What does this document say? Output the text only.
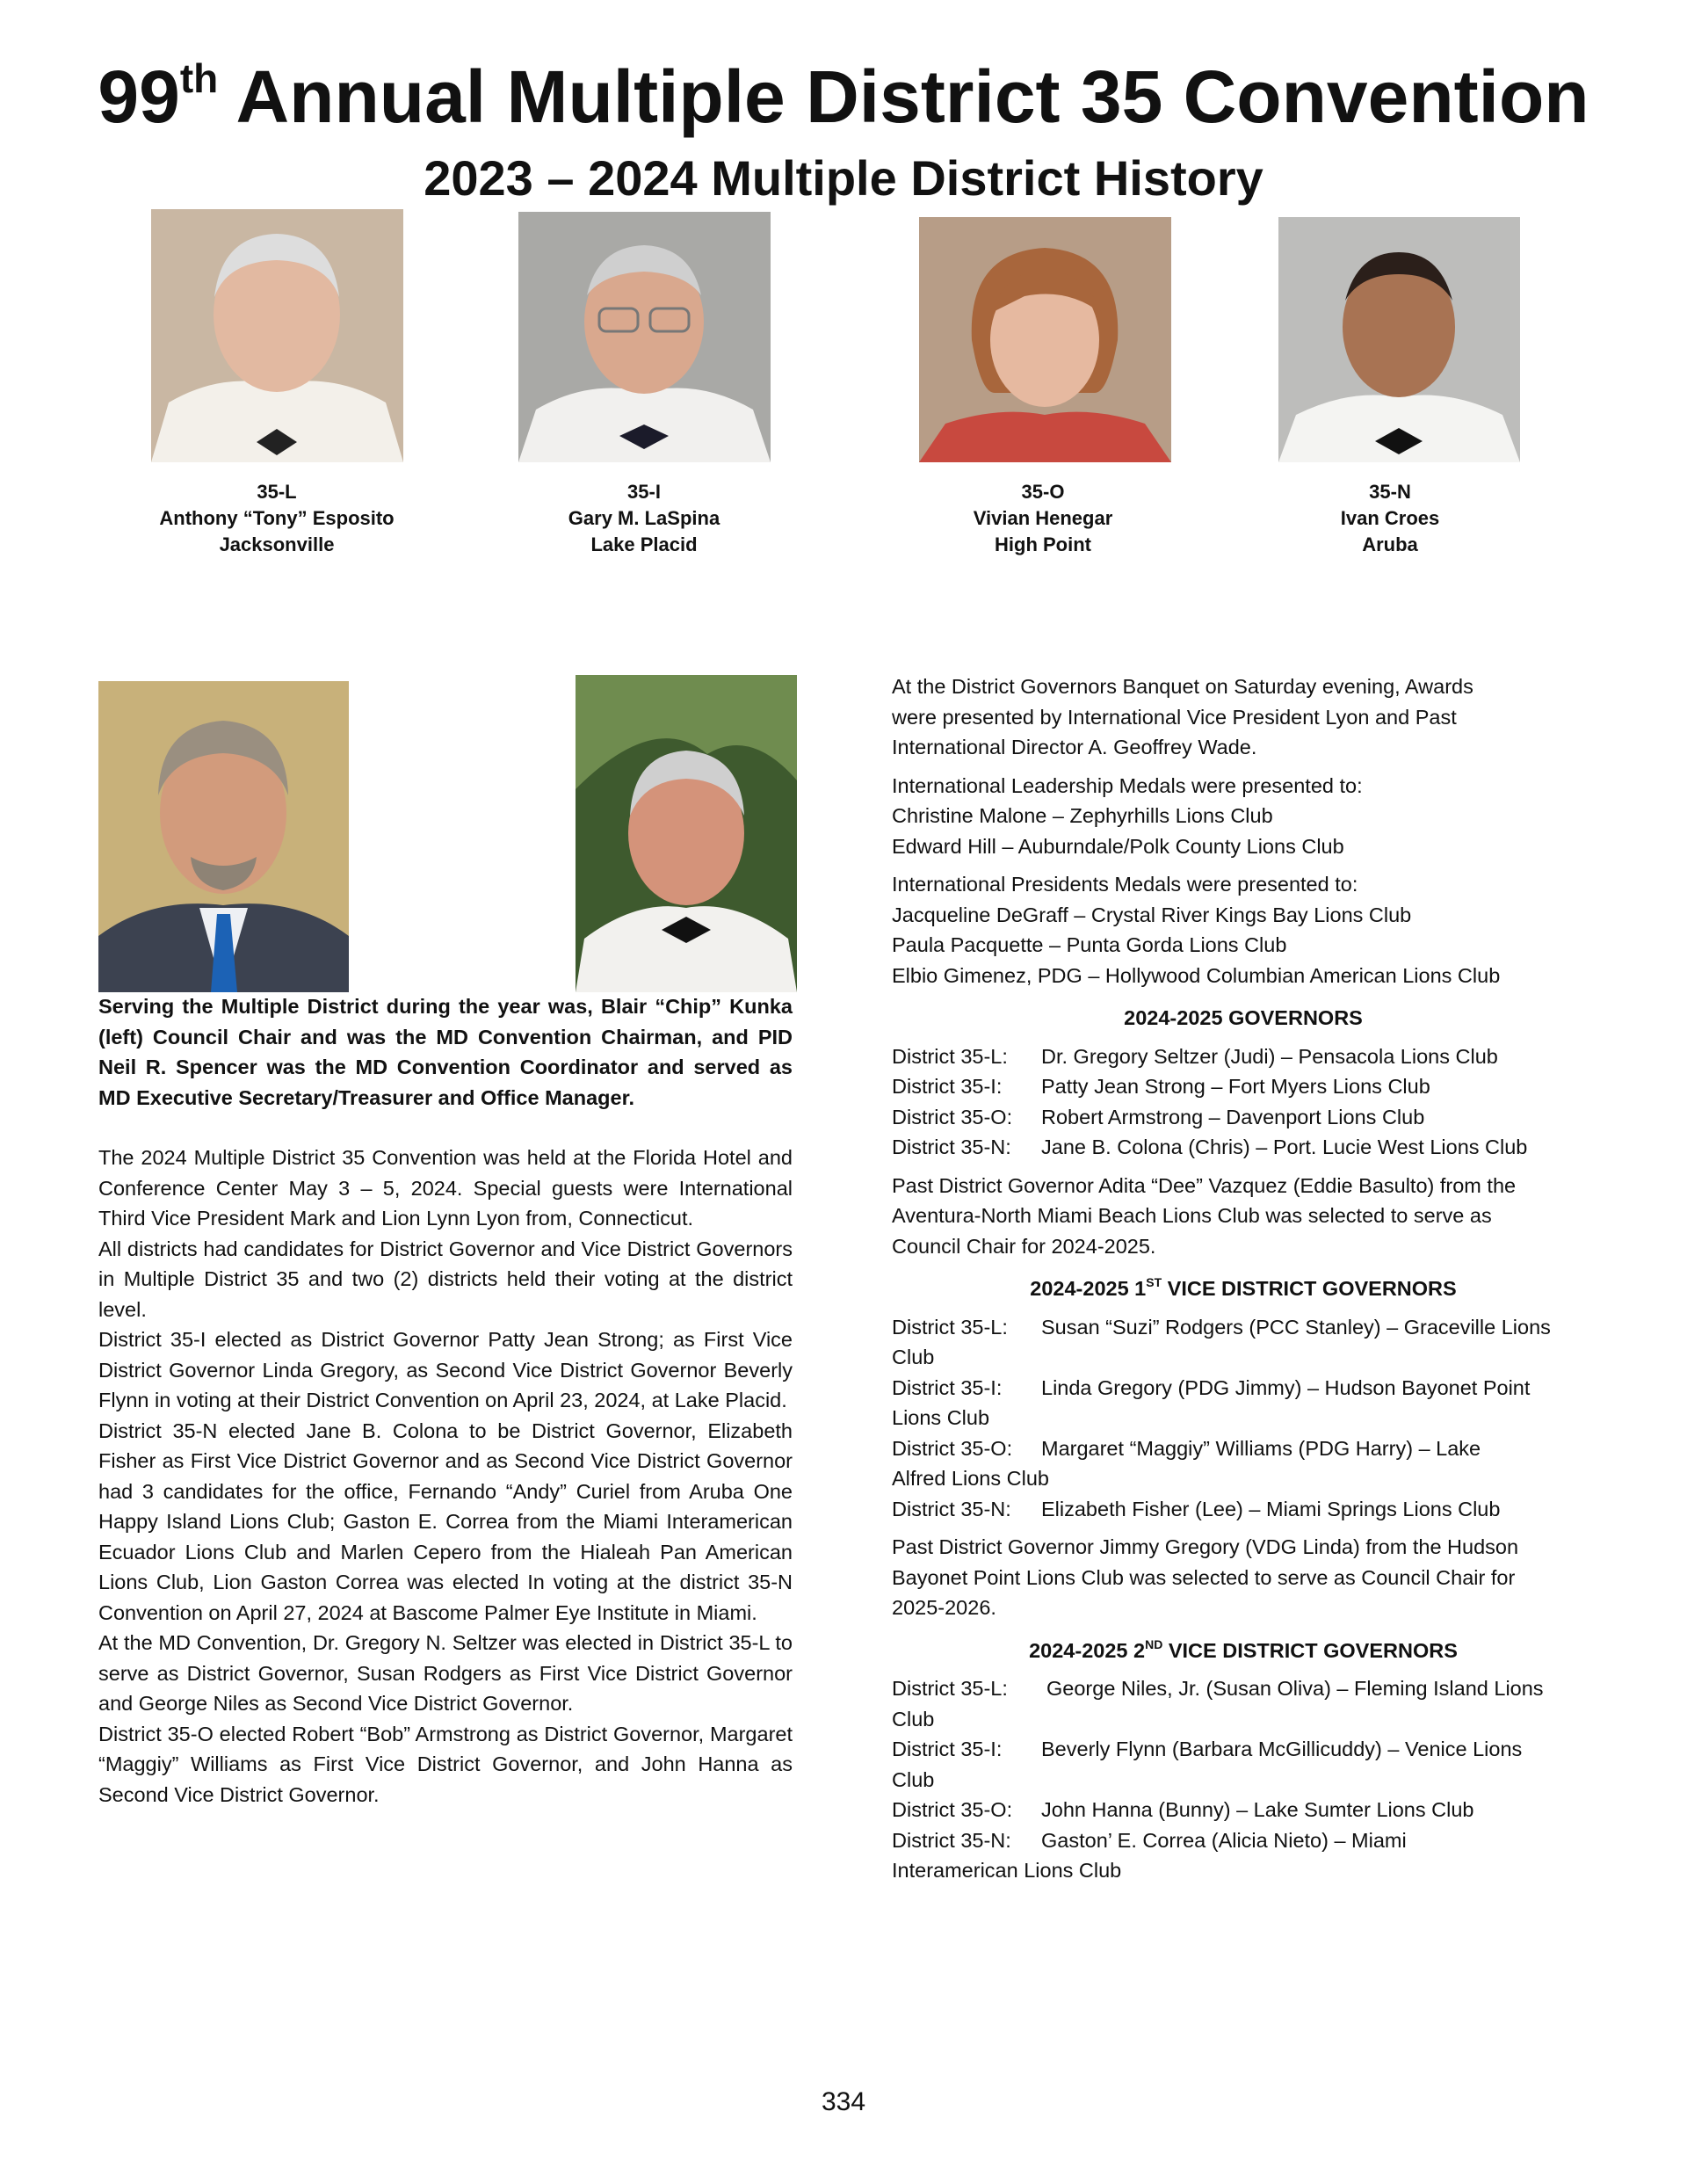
99th Annual Multiple District 35 Convention
2023 – 2024 Multiple District History
35-L
Anthony “Tony” Esposito
Jacksonville
35-I
Gary M. LaSpina
Lake Placid
35-O
Vivian Henegar
High Point
35-N
Ivan Croes
Aruba

Serving the Multiple District during the year was, Blair “Chip” Kunka (left) Council Chair and was the MD Convention Chairman, and PID Neil R. Spencer was the MD Convention Coordinator and served as MD Executive Secretary/Treasurer and Office Manager.

The 2024 Multiple District 35 Convention was held at the Florida Hotel and Conference Center May 3 – 5, 2024. Special guests were International Third Vice President Mark and Lion Lynn Lyon from, Connecticut.

All districts had candidates for District Governor and Vice District Governors in Multiple District 35 and two (2) districts held their voting at the district level.

District 35-I elected as District Governor Patty Jean Strong; as First Vice District Governor Linda Gregory, as Second Vice District Governor Beverly Flynn in voting at their District Convention on April 23, 2024, at Lake Placid.

District 35-N elected Jane B. Colona to be District Governor, Elizabeth Fisher as First Vice District Governor and as Second Vice District Governor had 3 candidates for the office, Fernando “Andy” Curiel from Aruba One Happy Island Lions Club; Gaston E. Correa from the Miami Interamerican Ecuador Lions Club and Marlen Cepero from the Hialeah Pan American Lions Club, Lion Gaston Correa was elected In voting at the district 35-N Convention on April 27, 2024 at Bascome Palmer Eye Institute in Miami.

At the MD Convention, Dr. Gregory N. Seltzer was elected in District 35-L to serve as District Governor, Susan Rodgers as First Vice District Governor and George Niles as Second Vice District Governor.

District 35-O elected Robert “Bob” Armstrong as District Governor, Margaret “Maggiy” Williams as First Vice District Governor, and John Hanna as Second Vice District Governor.

At the District Governors Banquet on Saturday evening, Awards

were presented by International Vice President Lyon and Past

International Director A. Geoffrey Wade.

International Leadership Medals were presented to:

Christine Malone – Zephyrhills Lions Club

Edward Hill – Auburndale/Polk County Lions Club

International Presidents Medals were presented to:

Jacqueline DeGraff – Crystal River Kings Bay Lions Club

Paula Pacquette – Punta Gorda Lions Club

Elbio Gimenez, PDG – Hollywood Columbian American Lions Club

2024-2025 GOVERNORS

District 35-L: Dr. Gregory Seltzer (Judi) – Pensacola Lions Club
District 35-I: Patty Jean Strong – Fort Myers Lions Club
District 35-O: Robert Armstrong – Davenport Lions Club
District 35-N: Jane B. Colona (Chris) – Port. Lucie West Lions Club

Past District Governor Adita “Dee” Vazquez (Eddie Basulto) from the

Aventura-North Miami Beach Lions Club was selected to serve as

Council Chair for 2024-2025.

2024-2025 1ST VICE DISTRICT GOVERNORS

District 35-L: Susan “Suzi” Rodgers (PCC Stanley) – Graceville Lions
Club
District 35-I: Linda Gregory (PDG Jimmy) – Hudson Bayonet Point
Lions Club
District 35-O: Margaret “Maggiy” Williams (PDG Harry) – Lake
Alfred Lions Club
District 35-N: Elizabeth Fisher (Lee) – Miami Springs Lions Club

Past District Governor Jimmy Gregory (VDG Linda) from the Hudson

Bayonet Point Lions Club was selected to serve as Council Chair for

2025-2026.

2024-2025 2ND VICE DISTRICT GOVERNORS

District 35-L: George Niles, Jr. (Susan Oliva) – Fleming Island Lions
Club
District 35-I: Beverly Flynn (Barbara McGillicuddy) – Venice Lions
Club
District 35-O: John Hanna (Bunny) – Lake Sumter Lions Club
District 35-N: Gaston’ E. Correa (Alicia Nieto) – Miami
Interamerican Lions Club
334
